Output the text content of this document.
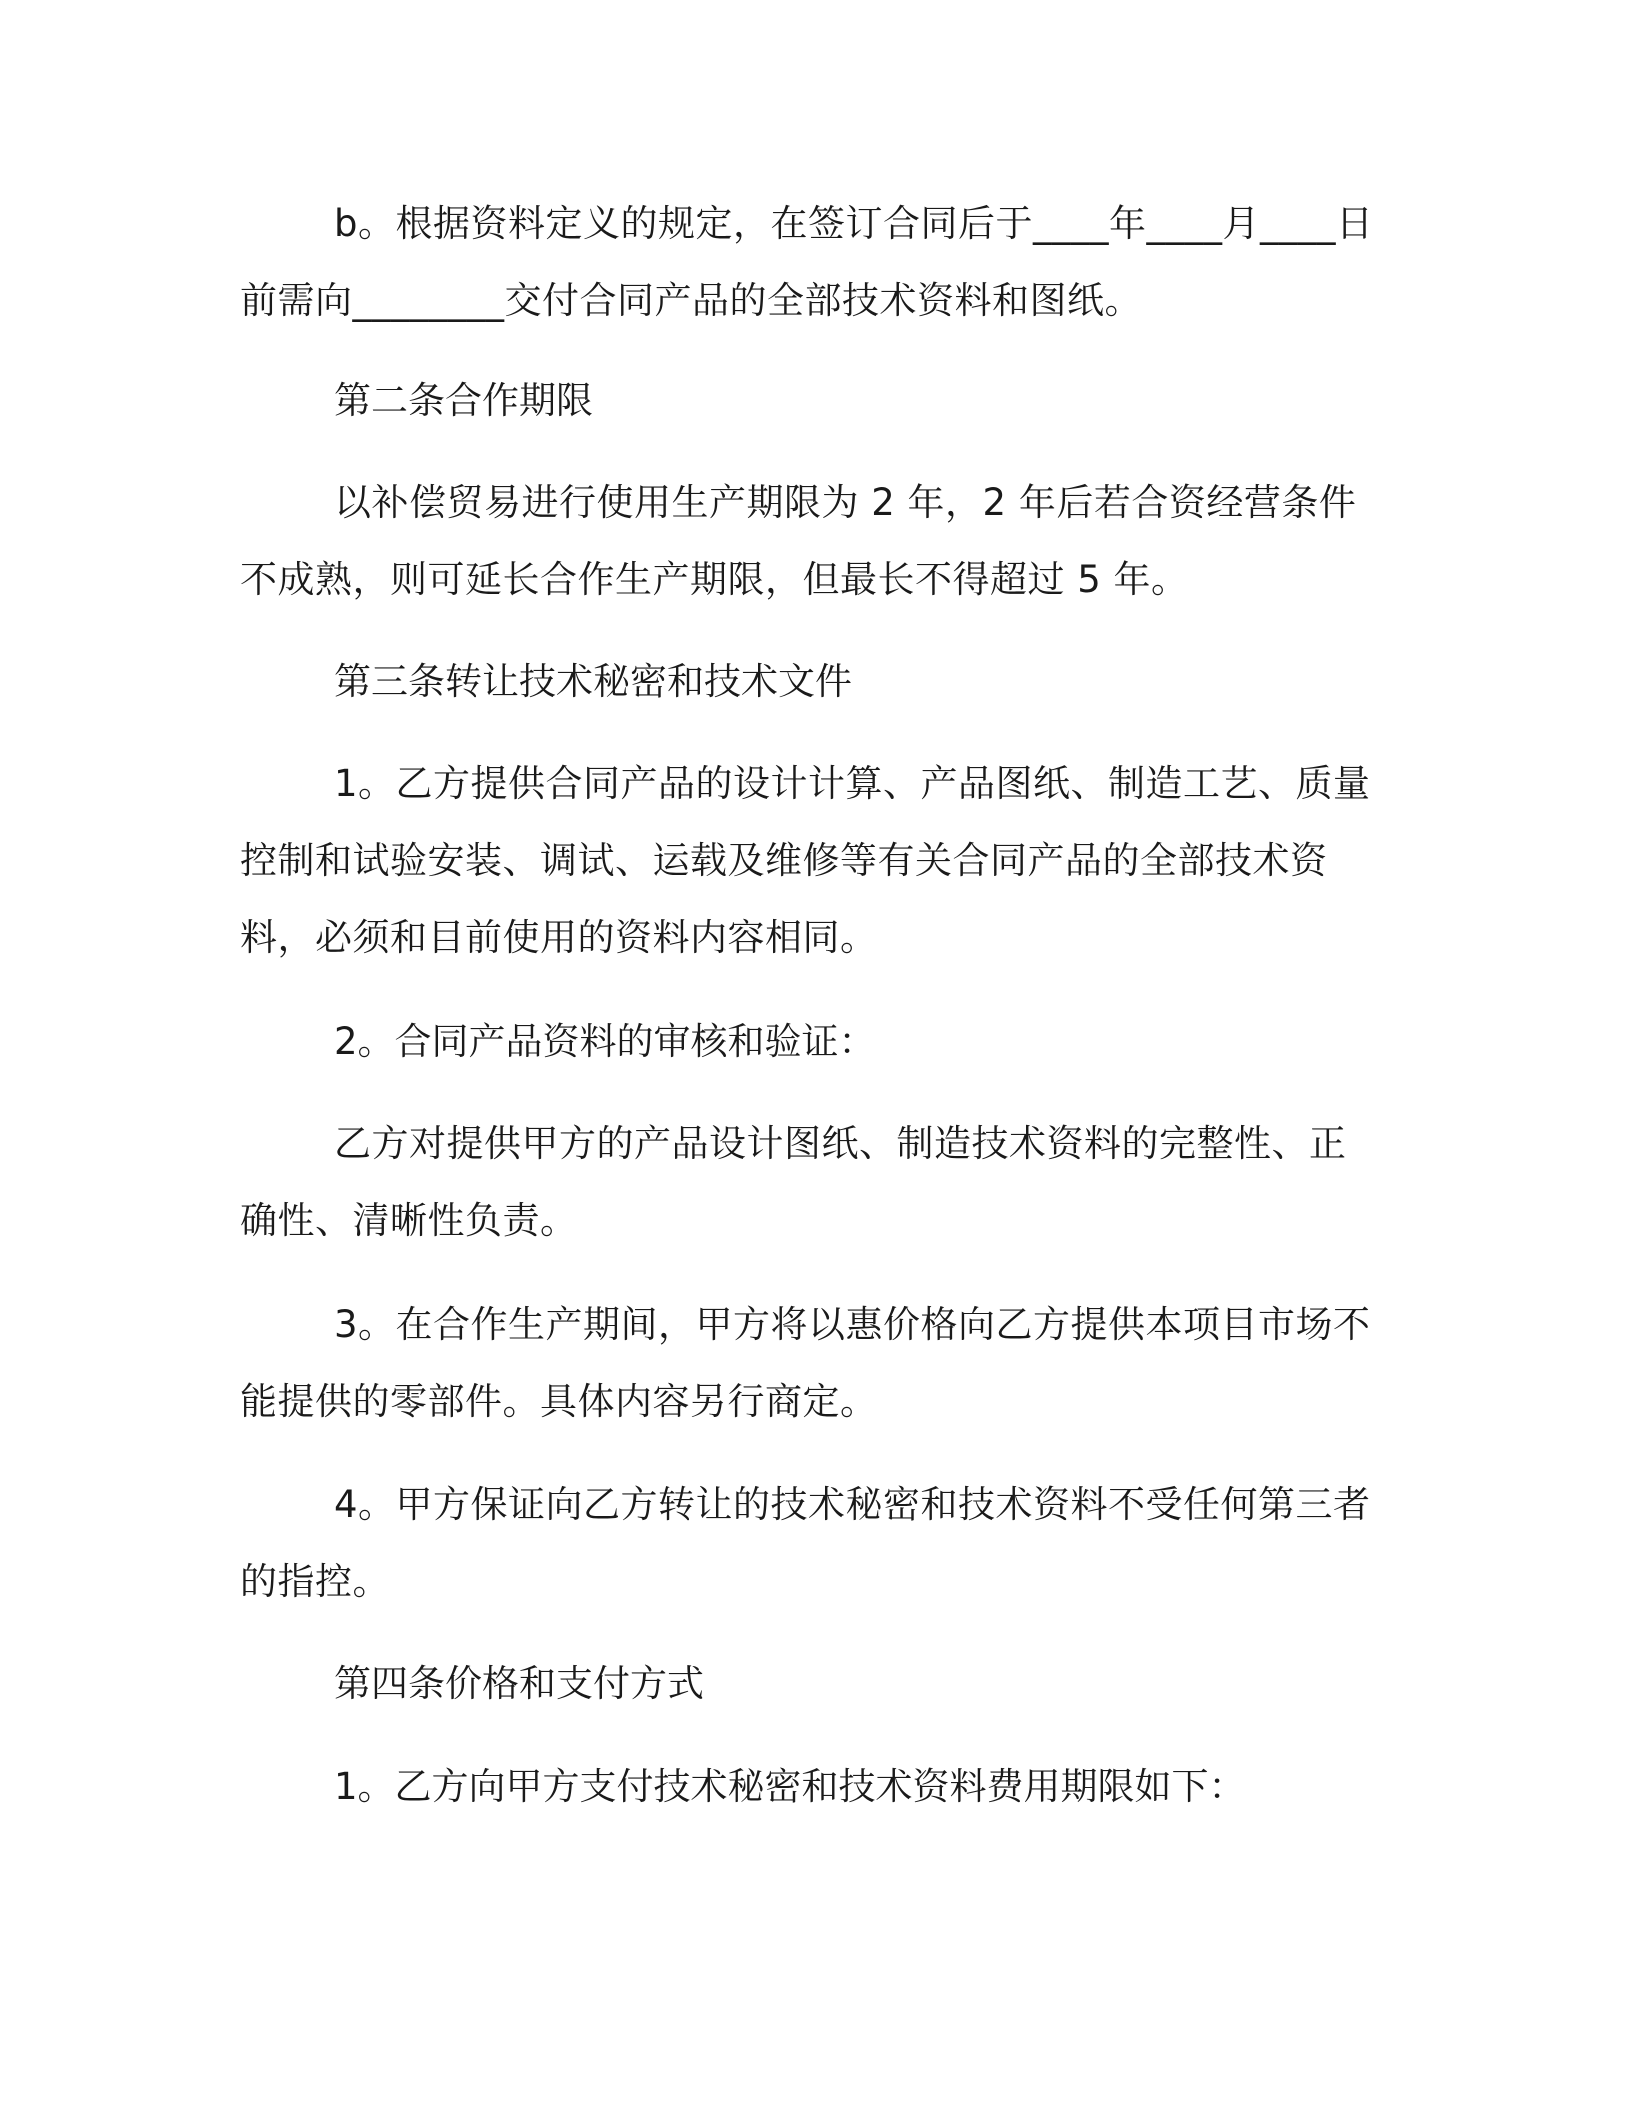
b。根据资料定义的规定，在签订合同后于____年____月____日前需向________交付合同产品的全部技术资料和图纸。

第二条合作期限

以补偿贸易进行使用生产期限为 2 年，2 年后若合资经营条件不成熟，则可延长合作生产期限，但最长不得超过 5 年。

第三条转让技术秘密和技术文件

1。乙方提供合同产品的设计计算、产品图纸、制造工艺、质量控制和试验安装、调试、运载及维修等有关合同产品的全部技术资料，必须和目前使用的资料内容相同。

2。合同产品资料的审核和验证：

乙方对提供甲方的产品设计图纸、制造技术资料的完整性、正确性、清晰性负责。

3。在合作生产期间，甲方将以惠价格向乙方提供本项目市场不能提供的零部件。具体内容另行商定。

4。甲方保证向乙方转让的技术秘密和技术资料不受任何第三者的指控。

第四条价格和支付方式

1。乙方向甲方支付技术秘密和技术资料费用期限如下：
